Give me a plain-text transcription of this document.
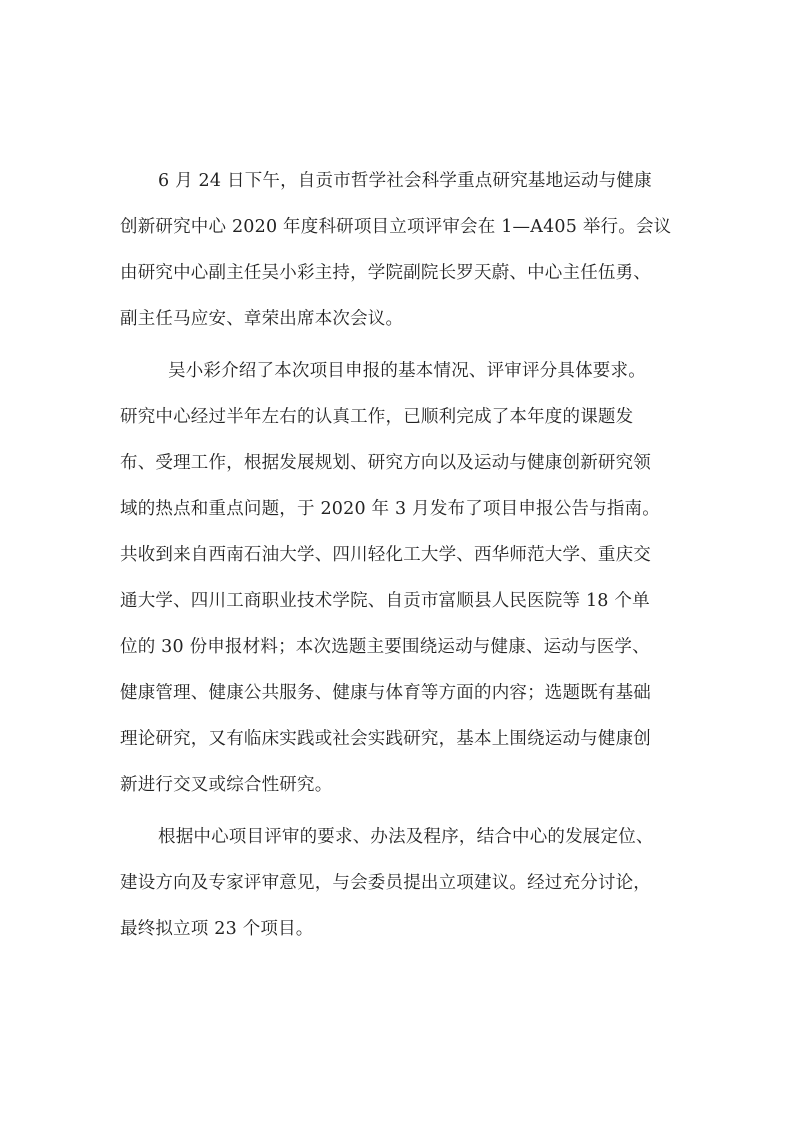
6 月 24 日下午，自贡市哲学社会科学重点研究基地运动与健康
创新研究中心 2020 年度科研项目立项评审会在 1—A405 举行。会议
由研究中心副主任吴小彩主持，学院副院长罗天蔚、中心主任伍勇、
副主任马应安、章荣出席本次会议。
吴小彩介绍了本次项目申报的基本情况、评审评分具体要求。
研究中心经过半年左右的认真工作，已顺利完成了本年度的课题发
布、受理工作，根据发展规划、研究方向以及运动与健康创新研究领
域的热点和重点问题，于 2020 年 3 月发布了项目申报公告与指南。
共收到来自西南石油大学、四川轻化工大学、西华师范大学、重庆交
通大学、四川工商职业技术学院、自贡市富顺县人民医院等 18 个单
位的 30 份申报材料；本次选题主要围绕运动与健康、运动与医学、
健康管理、健康公共服务、健康与体育等方面的内容；选题既有基础
理论研究，又有临床实践或社会实践研究，基本上围绕运动与健康创
新进行交叉或综合性研究。
根据中心项目评审的要求、办法及程序，结合中心的发展定位、
建设方向及专家评审意见，与会委员提出立项建议。经过充分讨论，
最终拟立项 23 个项目。
